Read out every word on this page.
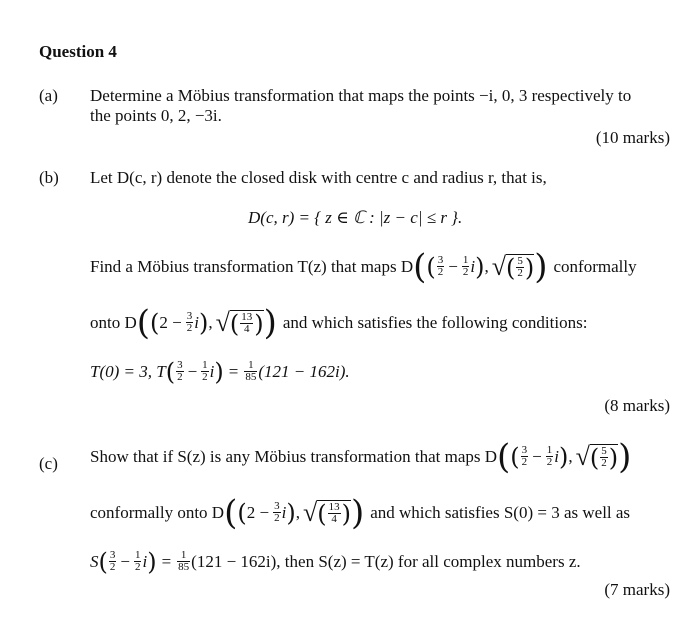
Question 4
(a) Determine a Möbius transformation that maps the points −i, 0, 3 respectively to
the points 0, 2, −3i.
(10 marks)
(b) Let D(c, r) denote the closed disk with centre c and radius r, that is,
D(c, r) = { z ∈ ℂ : |z − c| ≤ r }.
Find a Möbius transformation T(z) that maps D ( ( $\frac{3}{2} - \frac{1}{2}$ i ) , √ ( $\frac{5}{2}$ ) ) conformally
onto D ( ( $2 - \frac{3}{2}$ i ) , √ ( $\frac{13}{4}$ ) ) and which satisfies the following conditions:
T(0) = 3, T ( $\frac{3}{2} - \frac{1}{2}$ i ) = $\frac{1}{85} (121 - 162i)$.
(8 marks)
(c) Show that if S(z) is any Möbius transformation that maps D ( ( $\frac{3}{2} - \frac{1}{2}$ i ) , √ ( $\frac{5}{2}$ ) )
conformally onto D ( ( $2 - \frac{3}{2}$ i ) , √ ( $\frac{13}{4}$ ) ) and which satisfies S(0) = 3 as well as
S ( $\frac{3}{2} - \frac{1}{2}$ i ) = $\frac{1}{85} (121 - 162i)$, then S(z) = T(z) for all complex numbers z.
(7 marks)
